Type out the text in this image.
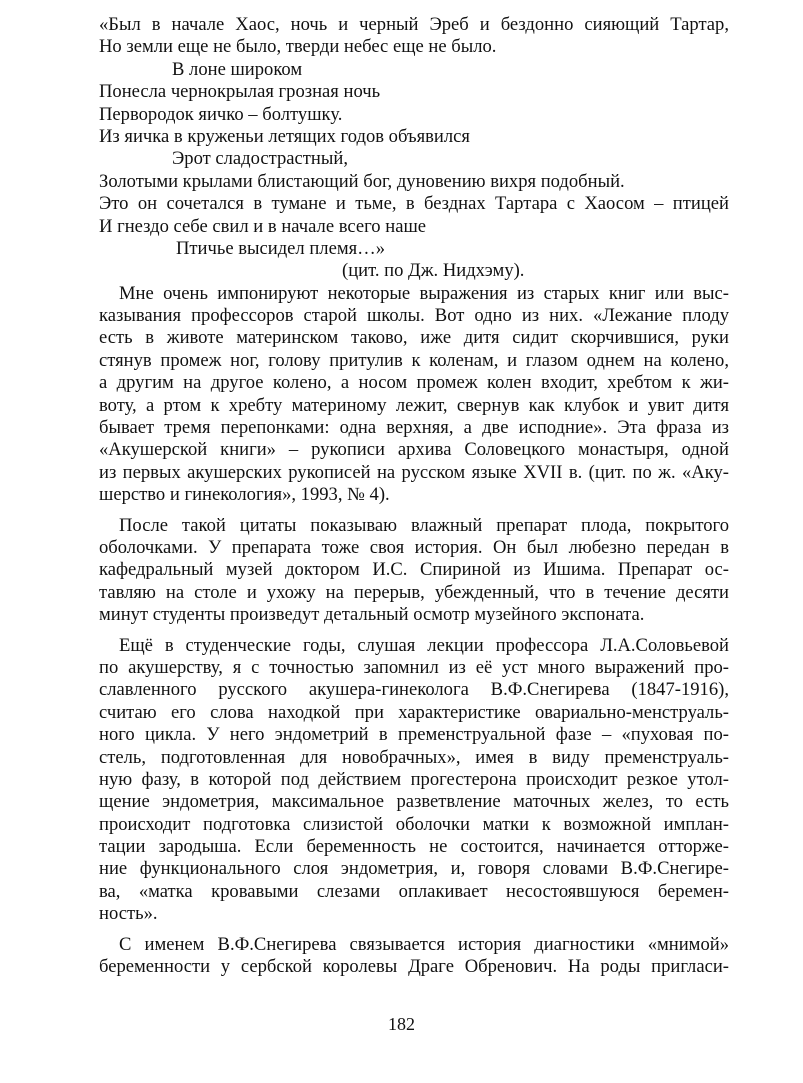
«Был в начале Хаос, ночь и черный Эреб и бездонно сияющий Тартар,
Но земли еще не было, тверди небес еще не было.
В лоне широком
Понесла чернокрылая грозная ночь
Первородок яичко – болтушку.
Из яичка в круженьи летящих годов объявился
Эрот сладострастный,
Золотыми крылами блистающий бог, дуновению вихря подобный.
Это он сочетался в тумане и тьме, в безднах Тартара с Хаосом – птицей
И гнездо себе свил и в начале всего наше
Птичье высидел племя…»
(цит. по Дж. Нидхэму).
Мне очень импонируют некоторые выражения из старых книг или выс-
казывания профессоров старой школы. Вот одно из них. «Лежание плоду
есть в животе материнском таково, иже дитя сидит скорчившися, руки
стянув промеж ног, голову притулив к коленам, и глазом однем на колено,
а другим на другое колено, а носом промеж колен входит, хребтом к жи-
воту, а ртом к хребту материному лежит, свернув как клубок и увит дитя
бывает тремя перепонками: одна верхняя, а две исподние». Эта фраза из
«Акушерской книги» – рукописи архива Соловецкого монастыря, одной
из первых акушерских рукописей на русском языке XVII в. (цит. по ж. «Аку-
шерство и гинекология», 1993, № 4).
После такой цитаты показываю влажный препарат плода, покрытого
оболочками. У препарата тоже своя история. Он был любезно передан в
кафедральный музей доктором И.С. Спириной из Ишима. Препарат ос-
тавляю на столе и ухожу на перерыв, убежденный, что в течение десяти
минут студенты произведут детальный осмотр музейного экспоната.
Ещё в студенческие годы, слушая лекции профессора Л.А.Соловьевой
по акушерству, я с точностью запомнил из её уст много выражений про-
славленного русского акушера-гинеколога В.Ф.Снегирева (1847-1916),
считаю его слова находкой при характеристике овариально-менструаль-
ного цикла. У него эндометрий в пременструальной фазе – «пуховая по-
стель, подготовленная для новобрачных», имея в виду пременструаль-
ную фазу, в которой под действием прогестерона происходит резкое утол-
щение эндометрия, максимальное разветвление маточных желез, то есть
происходит подготовка слизистой оболочки матки к возможной имплан-
тации зародыша. Если беременность не состоится, начинается отторже-
ние функционального слоя эндометрия, и, говоря словами В.Ф.Снегире-
ва, «матка кровавыми слезами оплакивает несостоявшуюся беремен-
ность».
С именем В.Ф.Снегирева связывается история диагностики «мнимой»
беременности у сербской королевы Драге Обренович. На роды пригласи-
182
